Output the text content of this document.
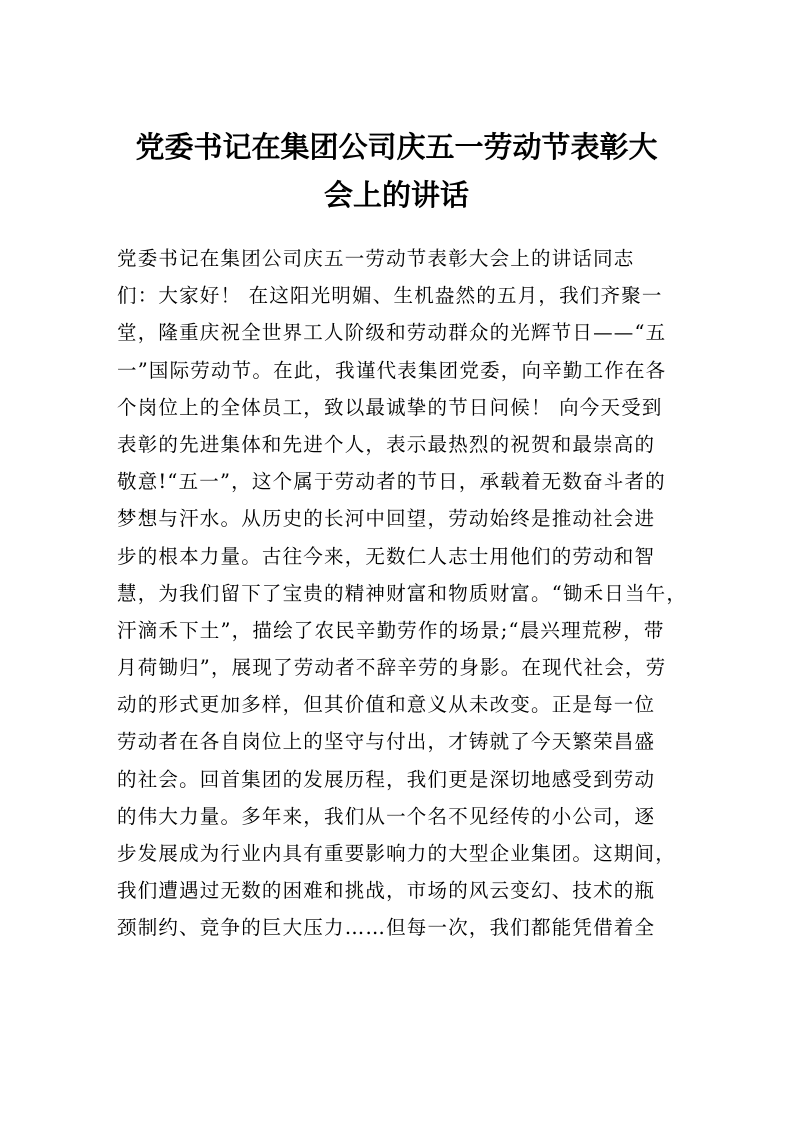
党委书记在集团公司庆五一劳动节表彰大
会上的讲话
党委书记在集团公司庆五一劳动节表彰大会上的讲话同志
们：大家好！ 在这阳光明媚、生机盎然的五月，我们齐聚一
堂，隆重庆祝全世界工人阶级和劳动群众的光辉节日——“五
一”国际劳动节。在此，我谨代表集团党委，向辛勤工作在各
个岗位上的全体员工，致以最诚挚的节日问候！ 向今天受到
表彰的先进集体和先进个人，表示最热烈的祝贺和最崇高的
敬意!“五一”，这个属于劳动者的节日，承载着无数奋斗者的
梦想与汗水。从历史的长河中回望，劳动始终是推动社会进
步的根本力量。古往今来，无数仁人志士用他们的劳动和智
慧，为我们留下了宝贵的精神财富和物质财富。“锄禾日当午，
汗滴禾下土”，描绘了农民辛勤劳作的场景;“晨兴理荒秽，带
月荷锄归”，展现了劳动者不辞辛劳的身影。在现代社会，劳
动的形式更加多样，但其价值和意义从未改变。正是每一位
劳动者在各自岗位上的坚守与付出，才铸就了今天繁荣昌盛
的社会。回首集团的发展历程，我们更是深切地感受到劳动
的伟大力量。多年来，我们从一个名不见经传的小公司，逐
步发展成为行业内具有重要影响力的大型企业集团。这期间，
我们遭遇过无数的困难和挑战，市场的风云变幻、技术的瓶
颈制约、竞争的巨大压力……但每一次，我们都能凭借着全
